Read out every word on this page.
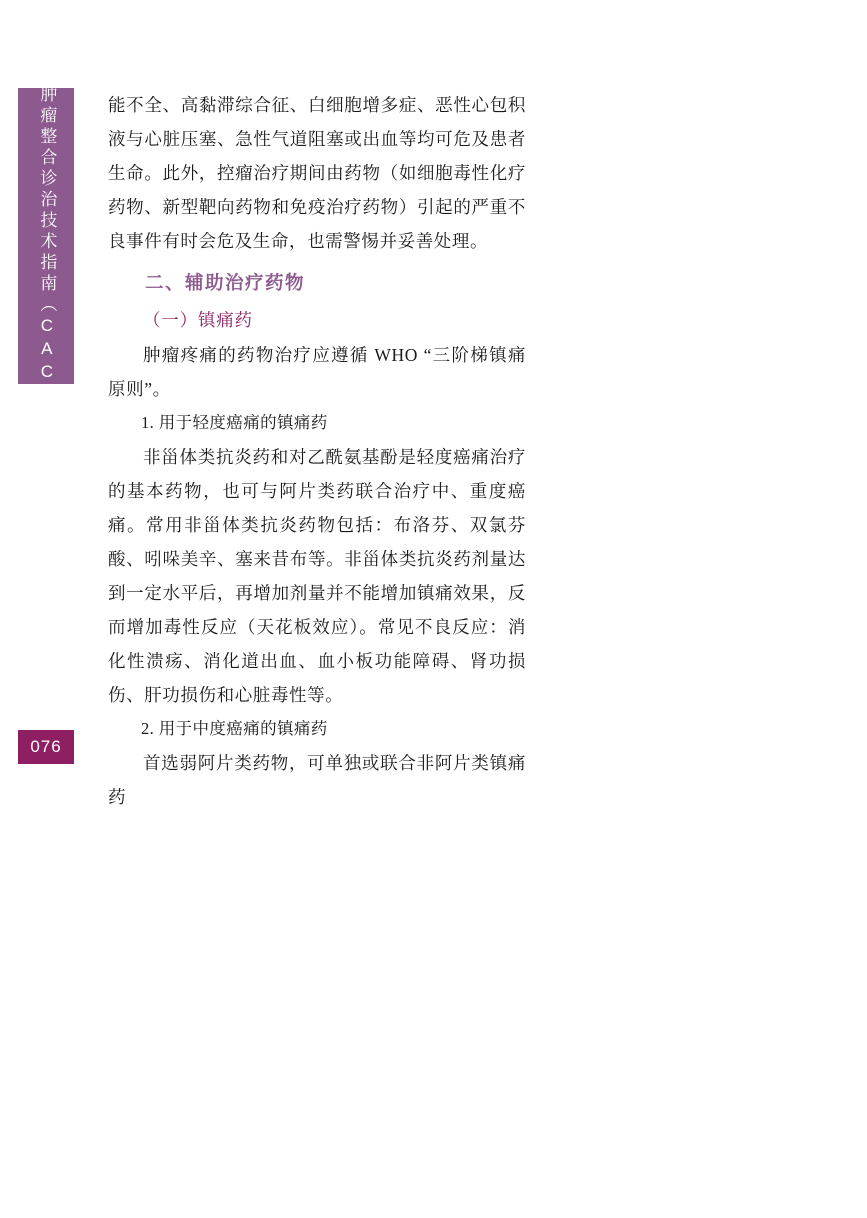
中国肿瘤整合诊治技术指南（CACA）
076

能不全、高黏滞综合征、白细胞增多症、恶性心包积液与心脏压塞、急性气道阻塞或出血等均可危及患者生命。此外，控瘤治疗期间由药物（如细胞毒性化疗药物、新型靶向药物和免疫治疗药物）引起的严重不良事件有时会危及生命，也需警惕并妥善处理。

二、辅助治疗药物

（一）镇痛药

肿瘤疼痛的药物治疗应遵循 WHO “三阶梯镇痛原则”。

1. 用于轻度癌痛的镇痛药

非甾体类抗炎药和对乙酰氨基酚是轻度癌痛治疗的基本药物，也可与阿片类药联合治疗中、重度癌痛。常用非甾体类抗炎药物包括：布洛芬、双氯芬酸、吲哚美辛、塞来昔布等。非甾体类抗炎药剂量达到一定水平后，再增加剂量并不能增加镇痛效果，反而增加毒性反应（天花板效应）。常见不良反应：消化性溃疡、消化道出血、血小板功能障碍、肾功损伤、肝功损伤和心脏毒性等。

2. 用于中度癌痛的镇痛药

首选弱阿片类药物，可单独或联合非阿片类镇痛药
